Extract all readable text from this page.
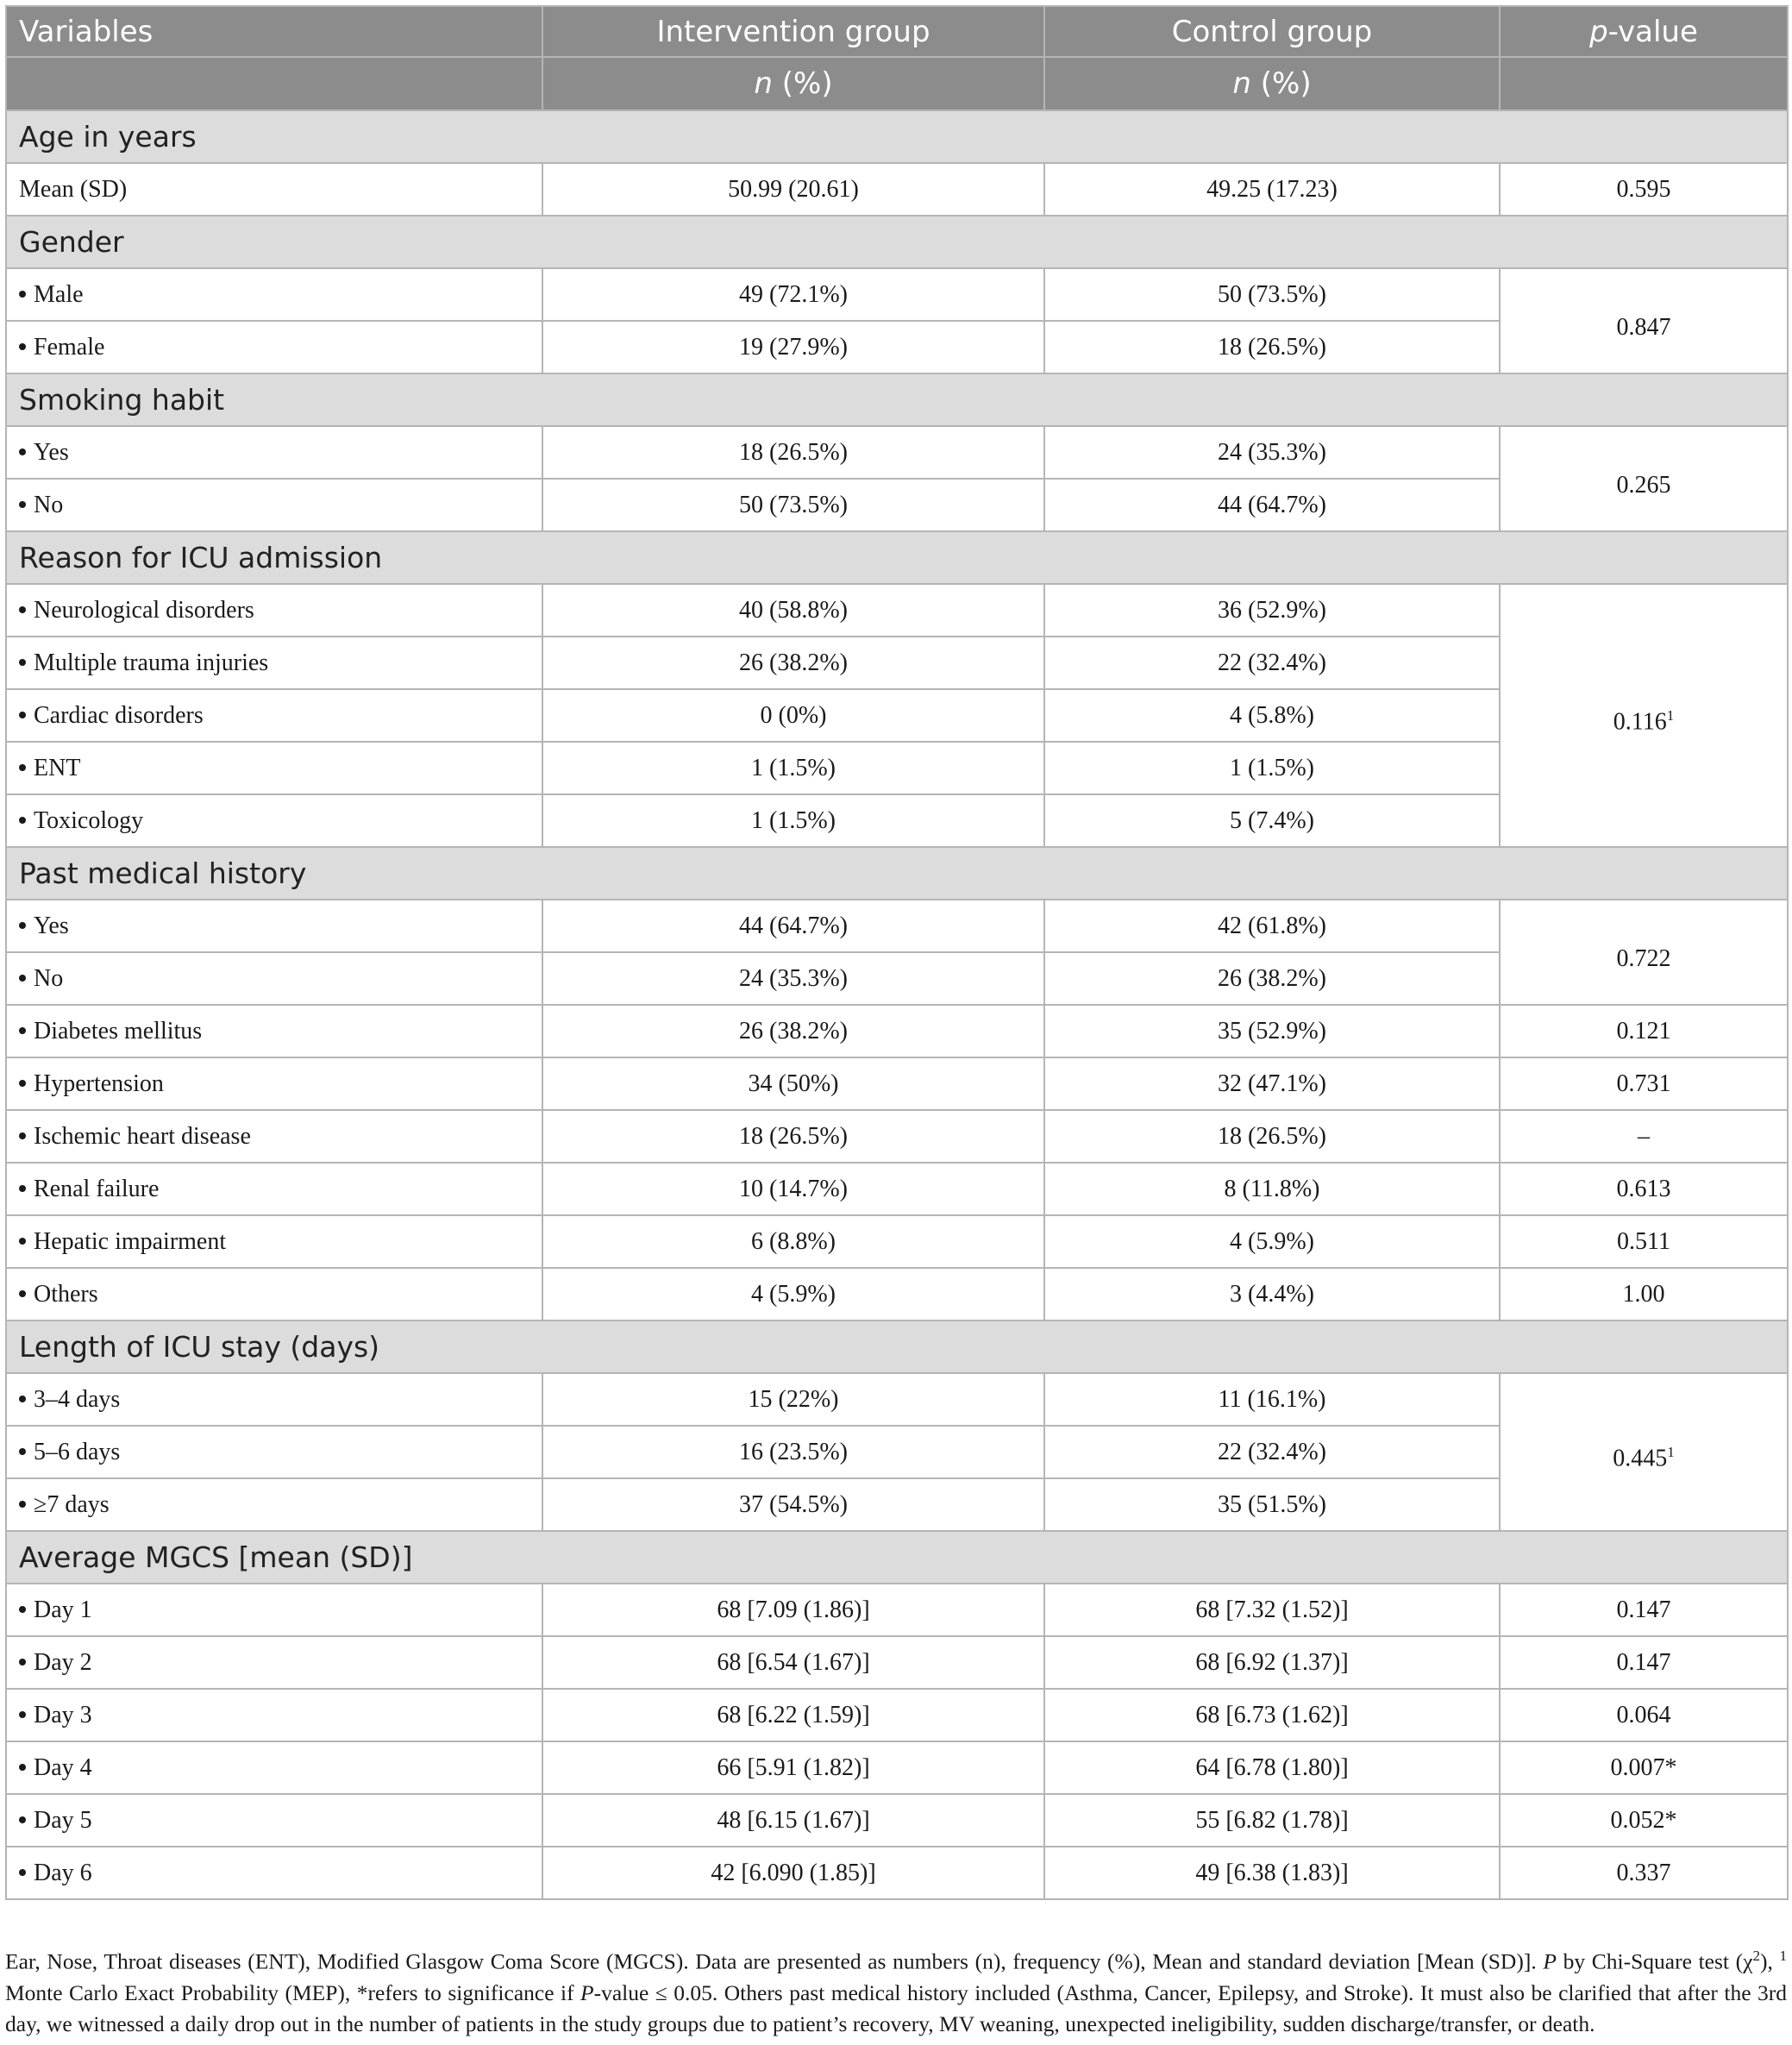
Variables	Intervention group	Control group	p-value
	n (%)	n (%)	
Age in years			
Mean (SD)	50.99 (20.61)	49.25 (17.23)	0.595
Gender			
Male	49 (72.1%)	50 (73.5%)	0.847
Female	19 (27.9%)	18 (26.5%)	
Smoking habit			
Yes	18 (26.5%)	24 (35.3%)	0.265
No	50 (73.5%)	44 (64.7%)	
Reason for ICU admission			
Neurological disorders	40 (58.8%)	36 (52.9%)	0.116$^1$
Multiple trauma injuries	26 (38.2%)	22 (32.4%)	
Cardiac disorders	0 (0%)	4 (5.8%)	
ENT	1 (1.5%)	1 (1.5%)	
Toxicology	1 (1.5%)	5 (7.4%)	
Past medical history			
Yes	44 (64.7%)	42 (61.8%)	0.722
No	24 (35.3%)	26 (38.2%)	
Diabetes mellitus	26 (38.2%)	35 (52.9%)	0.121
Hypertension	34 (50%)	32 (47.1%)	0.731
Ischemic heart disease	18 (26.5%)	18 (26.5%)	–
Renal failure	10 (14.7%)	8 (11.8%)	0.613
Hepatic impairment	6 (8.8%)	4 (5.9%)	0.511
Others	4 (5.9%)	3 (4.4%)	1.00
Length of ICU stay (days)			
3–4 days	15 (22%)	11 (16.1%)	0.445$^1$
5–6 days	16 (23.5%)	22 (32.4%)	
≥7 days	37 (54.5%)	35 (51.5%)	
Average MGCS [mean (SD)]			
Day 1	68 [7.09 (1.86)]	68 [7.32 (1.52)]	0.147
Day 2	68 [6.54 (1.67)]	68 [6.92 (1.37)]	0.147
Day 3	68 [6.22 (1.59)]	68 [6.73 (1.62)]	0.064
Day 4	66 [5.91 (1.82)]	64 [6.78 (1.80)]	0.007*
Day 5	48 [6.15 (1.67)]	55 [6.82 (1.78)]	0.052*
Day 6	42 [6.090 (1.85)]	49 [6.38 (1.83)]	0.337
Ear, Nose, Throat diseases (ENT), Modified Glasgow Coma Score (MGCS). Data are presented as numbers (n), frequency (%), Mean and standard deviation [Mean (SD)]. P by Chi-Square test $(\chi^2)$, $^1$ Monte Carlo Exact Probability (MEP), *refers to significance if P-value ≤ 0.05. Others past medical history included (Asthma, Cancer, Epilepsy, and Stroke). It must also be clarified that after the 3rd day, we witnessed a daily drop out in the number of patients in the study groups due to patient’s recovery, MV weaning, unexpected ineligibility, sudden discharge/transfer, or death.
